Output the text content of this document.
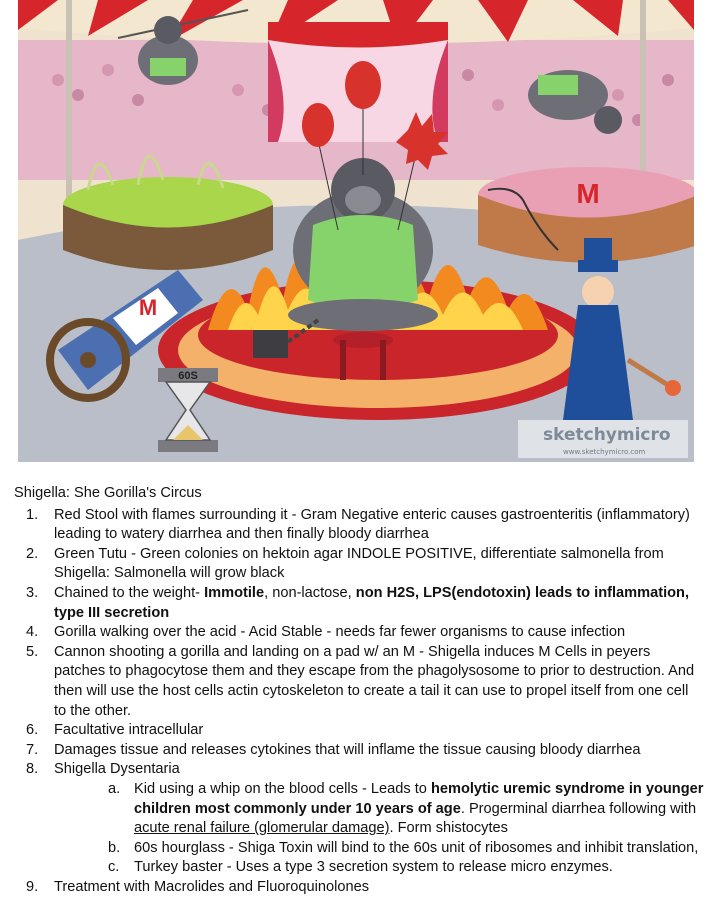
M
M
60S
sketchymicro
www.sketchymicro.com
Shigella: She Gorilla's Circus
1. Red Stool with flames surrounding it - Gram Negative enteric causes gastroenteritis (inflammatory) leading to watery diarrhea and then finally bloody diarrhea
2. Green Tutu - Green colonies on hektoin agar INDOLE POSITIVE, differentiate salmonella from Shigella: Salmonella will grow black
3. Chained to the weight- Immotile, non-lactose, non H2S, LPS(endotoxin) leads to inflammation, type III secretion
4. Gorilla walking over the acid - Acid Stable - needs far fewer organisms to cause infection
5. Cannon shooting a gorilla and landing on a pad w/ an M - Shigella induces M Cells in peyers patches to phagocytose them and they escape from the phagolysosome to prior to destruction. And then will use the host cells actin cytoskeleton to create a tail it can use to propel itself from one cell to the other.
6. Facultative intracellular
7. Damages tissue and releases cytokines that will inflame the tissue causing bloody diarrhea
8. Shigella Dysentaria
a. Kid using a whip on the blood cells - Leads to hemolytic uremic syndrome in younger children most commonly under 10 years of age. Progerminal diarrhea following with acute renal failure (glomerular damage). Form shistocytes
b. 60s hourglass - Shiga Toxin will bind to the 60s unit of ribosomes and inhibit translation,
c. Turkey baster - Uses a type 3 secretion system to release micro enzymes.
9. Treatment with Macrolides and Fluoroquinolones
